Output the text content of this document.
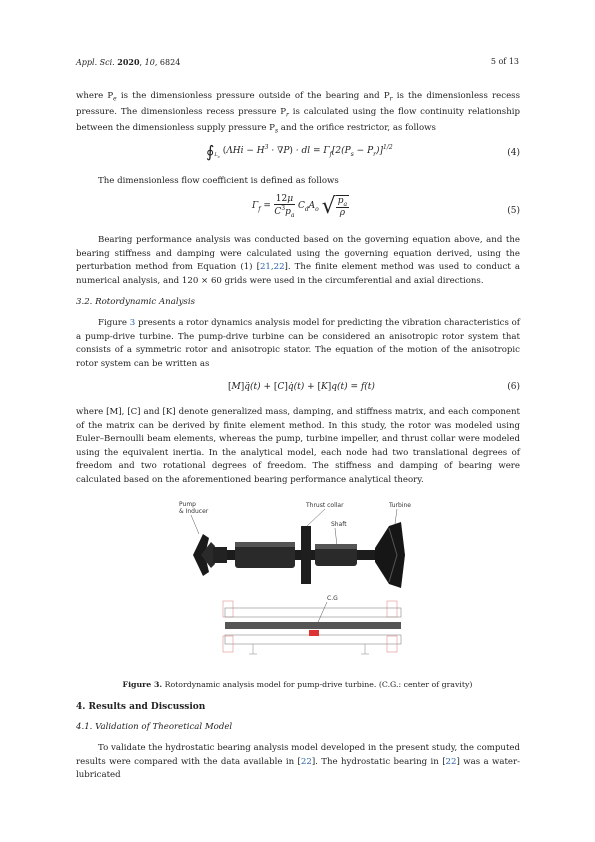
Appl. Sci. 2020, 10, 6824	5 of 13

where $P_e$ is the dimensionless pressure outside of the bearing and $P_r$ is the dimensionless recess pressure. The dimensionless recess pressure $P_r$ is calculated using the flow continuity relationship between the dimensionless supply pressure $P_s$ and the orifice restrictor, as follows

$∮_{L_c}$ $(\Lambda Hi - H^3 \cdot \nabla P)$ · dl = $\Gamma_f[2(P_s - P_r)]^{1/2}$
(4)

The dimensionless flow coefficient is defined as follows

$\Gamma_f = \frac{12\mu}{C^3p_a} C_dA_o$ √ $\frac{p_a}{\rho}$	(5)

Bearing performance analysis was conducted based on the governing equation above, and the bearing stiffness and damping were calculated using the governing equation derived, using the perturbation method from Equation (1) [21,22]. The finite element method was used to conduct a numerical analysis, and 120 × 60 grids were used in the circumferential and axial directions.

3.2. Rotordynamic Analysis

Figure 3 presents a rotor dynamics analysis model for predicting the vibration characteristics of a pump-drive turbine. The pump-drive turbine can be considered an anisotropic rotor system that consists of a symmetric rotor and anisotropic stator. The equation of the motion of the anisotropic rotor system can be written as

[M]q̈(t) + [C]q̇(t) + [K]q(t) = f(t)	(6)

where [M], [C] and [K] denote generalized mass, damping, and stiffness matrix, and each component of the matrix can be derived by finite element method. In this study, the rotor was modeled using Euler–Bernoulli beam elements, whereas the pump, turbine impeller, and thrust collar were modeled using the equivalent inertia. In the analytical model, each node had two translational degrees of freedom and two rotational degrees of freedom. The stiffness and damping of bearing were calculated based on the aforementioned bearing performance analytical theory.

Pump
& Inducer
Thrust collar	Turbine
Shaft
C.G
Figure 3. Rotordynamic analysis model for pump-drive turbine. (C.G.: center of gravity)
4. Results and Discussion
4.1. Validation of Theoretical Model

To validate the hydrostatic bearing analysis model developed in the present study, the computed results were compared with the data available in [22]. The hydrostatic bearing in [22] was a water-lubricated
